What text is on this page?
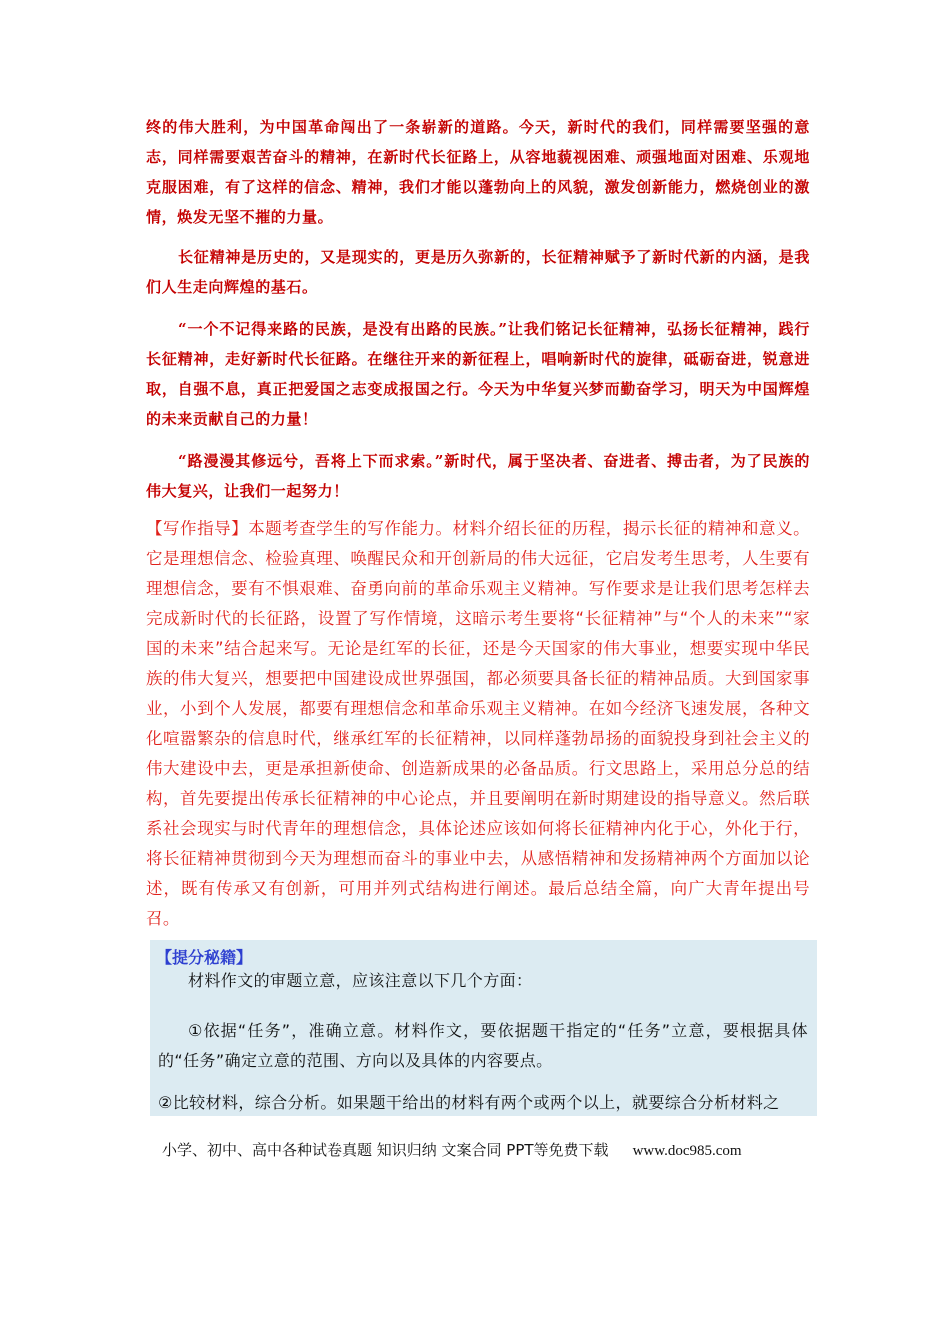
终的伟大胜利，为中国革命闯出了一条崭新的道路。今天，新时代的我们，同样需要坚强的意志，同样需要艰苦奋斗的精神，在新时代长征路上，从容地藐视困难、顽强地面对困难、乐观地克服困难，有了这样的信念、精神，我们才能以蓬勃向上的风貌，激发创新能力，燃烧创业的激情，焕发无坚不摧的力量。

长征精神是历史的，又是现实的，更是历久弥新的，长征精神赋予了新时代新的内涵，是我们人生走向辉煌的基石。

“一个不记得来路的民族，是没有出路的民族。”让我们铭记长征精神，弘扬长征精神，践行长征精神，走好新时代长征路。在继往开来的新征程上，唱响新时代的旋律，砥砺奋进，锐意进取，自强不息，真正把爱国之志变成报国之行。今天为中华复兴梦而勤奋学习，明天为中国辉煌的未来贡献自己的力量！

“路漫漫其修远兮，吾将上下而求索。”新时代，属于坚决者、奋进者、搏击者，为了民族的伟大复兴，让我们一起努力！

【写作指导】本题考查学生的写作能力。材料介绍长征的历程，揭示长征的精神和意义。它是理想信念、检验真理、唤醒民众和开创新局的伟大远征，它启发考生思考，人生要有理想信念，要有不惧艰难、奋勇向前的革命乐观主义精神。写作要求是让我们思考怎样去完成新时代的长征路，设置了写作情境，这暗示考生要将“长征精神”与“个人的未来”“家国的未来”结合起来写。无论是红军的长征，还是今天国家的伟大事业，想要实现中华民族的伟大复兴，想要把中国建设成世界强国，都必须要具备长征的精神品质。大到国家事业，小到个人发展，都要有理想信念和革命乐观主义精神。在如今经济飞速发展，各种文化喧嚣繁杂的信息时代，继承红军的长征精神，以同样蓬勃昂扬的面貌投身到社会主义的伟大建设中去，更是承担新使命、创造新成果的必备品质。行文思路上，采用总分总的结构，首先要提出传承长征精神的中心论点，并且要阐明在新时期建设的指导意义。然后联系社会现实与时代青年的理想信念，具体论述应该如何将长征精神内化于心，外化于行，将长征精神贯彻到今天为理想而奋斗的事业中去，从感悟精神和发扬精神两个方面加以论述，既有传承又有创新，可用并列式结构进行阐述。最后总结全篇，向广大青年提出号召。

【提分秘籍】

材料作文的审题立意，应该注意以下几个方面：

①依据“任务”，准确立意。材料作文，要依据题干指定的“任务”立意，要根据具体的“任务”确定立意的范围、方向以及具体的内容要点。

②比较材料，综合分析。如果题干给出的材料有两个或两个以上，就要综合分析材料之

小学、初中、高中各种试卷真题 知识归纳 文案合同 PPT等免费下载 www.doc985.com
